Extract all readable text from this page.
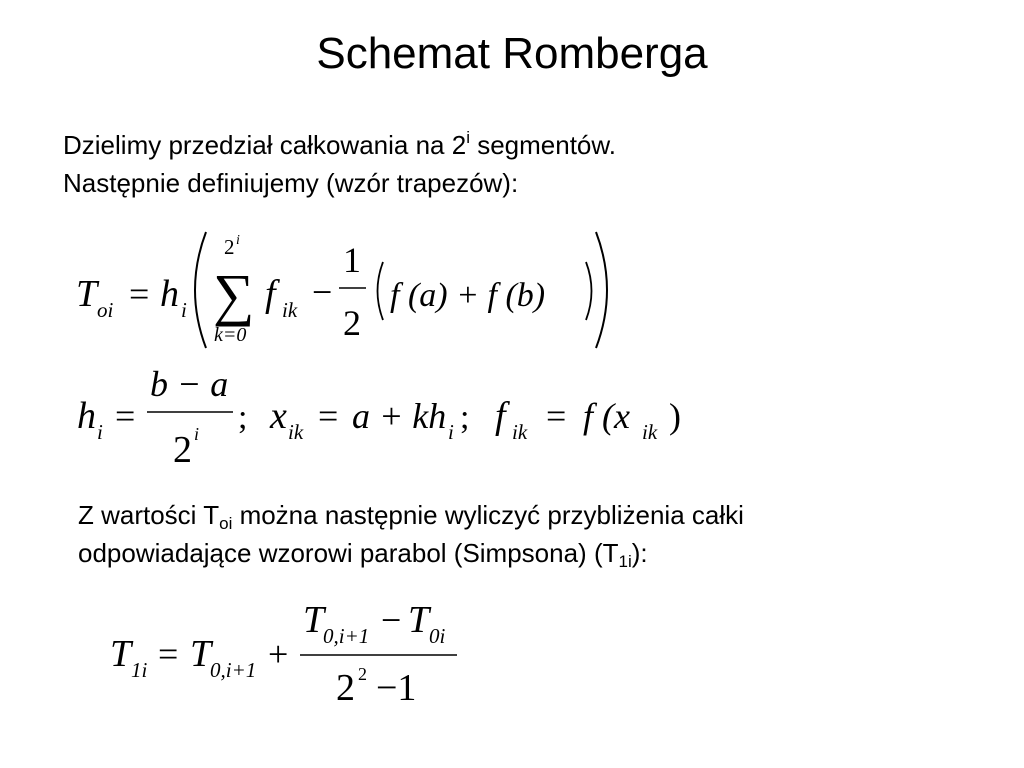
Schemat Romberga
Dzielimy przedział całkowania na 2$^i$ segmentów.
Następnie definiujemy (wzór trapezów):
Z wartości $T_{oi}$ można następnie wyliczyć przybliżenia całki
odpowiadające wzorowi parabol (Simpsona) $(T_{1i})$:
T oi = h i
2 i
∑
k=0
f ik −
1
2
f (a) + f (b)
h i =
b − a
2 i ; x ik = a + kh i ; f ik = f (x ik )
T 1i = T
0,i+1 +
T
0,i+1 − T 0i
2 2 −1
